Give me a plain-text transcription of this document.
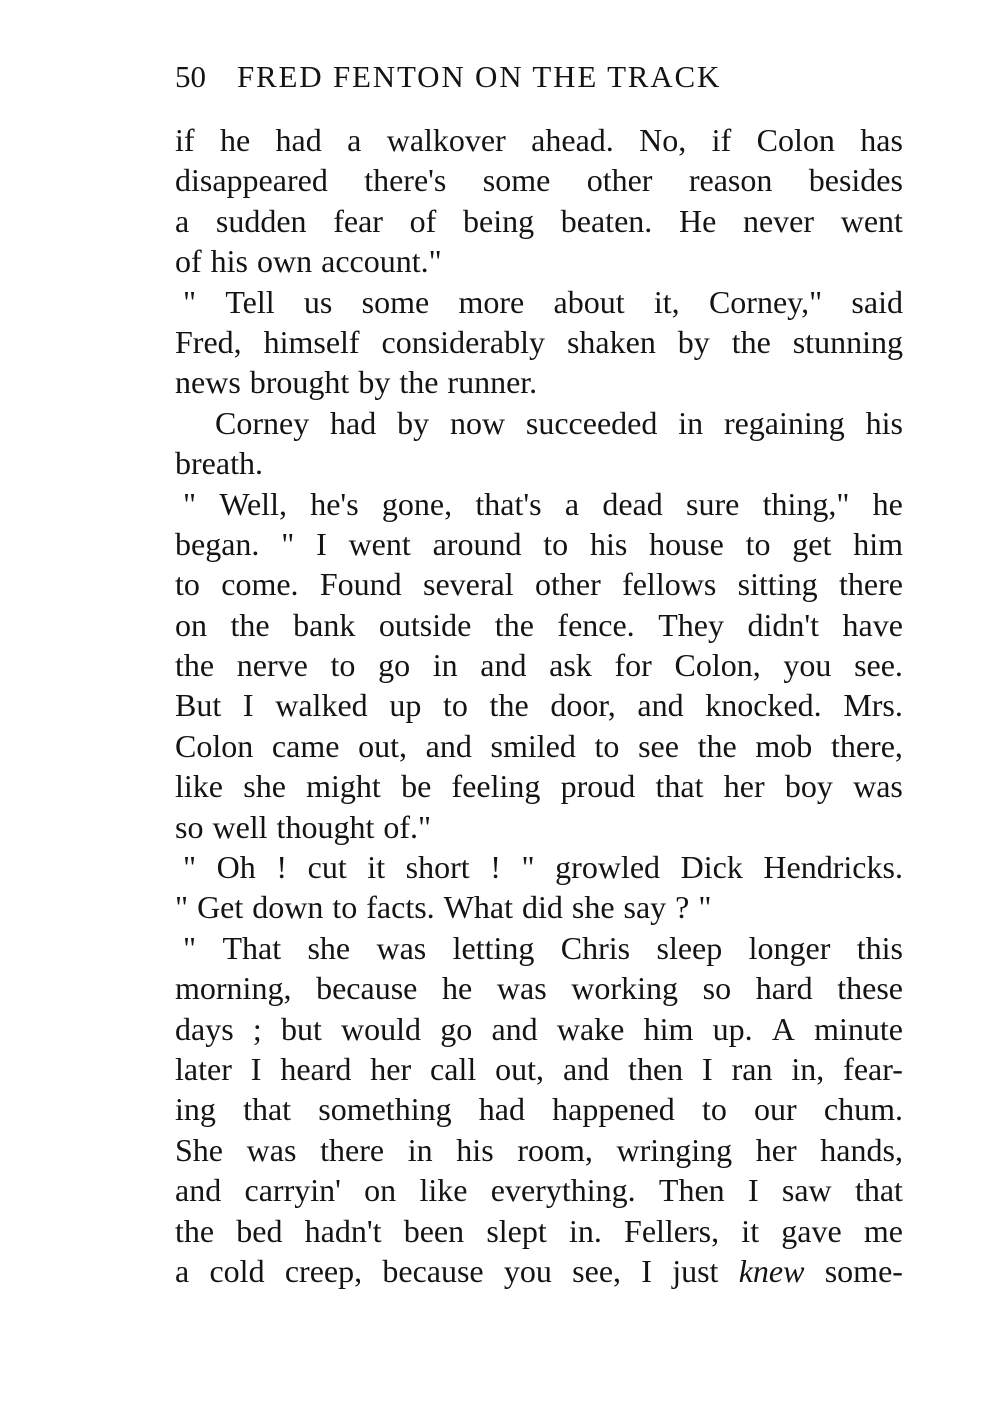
50 FRED FENTON ON THE TRACK
if he had a walkover ahead. No, if Colon has
disappeared there's some other reason besides
a sudden fear of being beaten. He never went
of his own account."
" Tell us some more about it, Corney," said
Fred, himself considerably shaken by the stunning
news brought by the runner.
Corney had by now succeeded in regaining his
breath.
" Well, he's gone, that's a dead sure thing," he
began. " I went around to his house to get him
to come. Found several other fellows sitting there
on the bank outside the fence. They didn't have
the nerve to go in and ask for Colon, you see.
But I walked up to the door, and knocked. Mrs.
Colon came out, and smiled to see the mob there,
like she might be feeling proud that her boy was
so well thought of."
" Oh ! cut it short ! " growled Dick Hendricks.
" Get down to facts. What did she say ? "
" That she was letting Chris sleep longer this
morning, because he was working so hard these
days ; but would go and wake him up. A minute
later I heard her call out, and then I ran in, fear-
ing that something had happened to our chum.
She was there in his room, wringing her hands,
and carryin' on like everything. Then I saw that
the bed hadn't been slept in. Fellers, it gave me
a cold creep, because you see, I just knew some-
